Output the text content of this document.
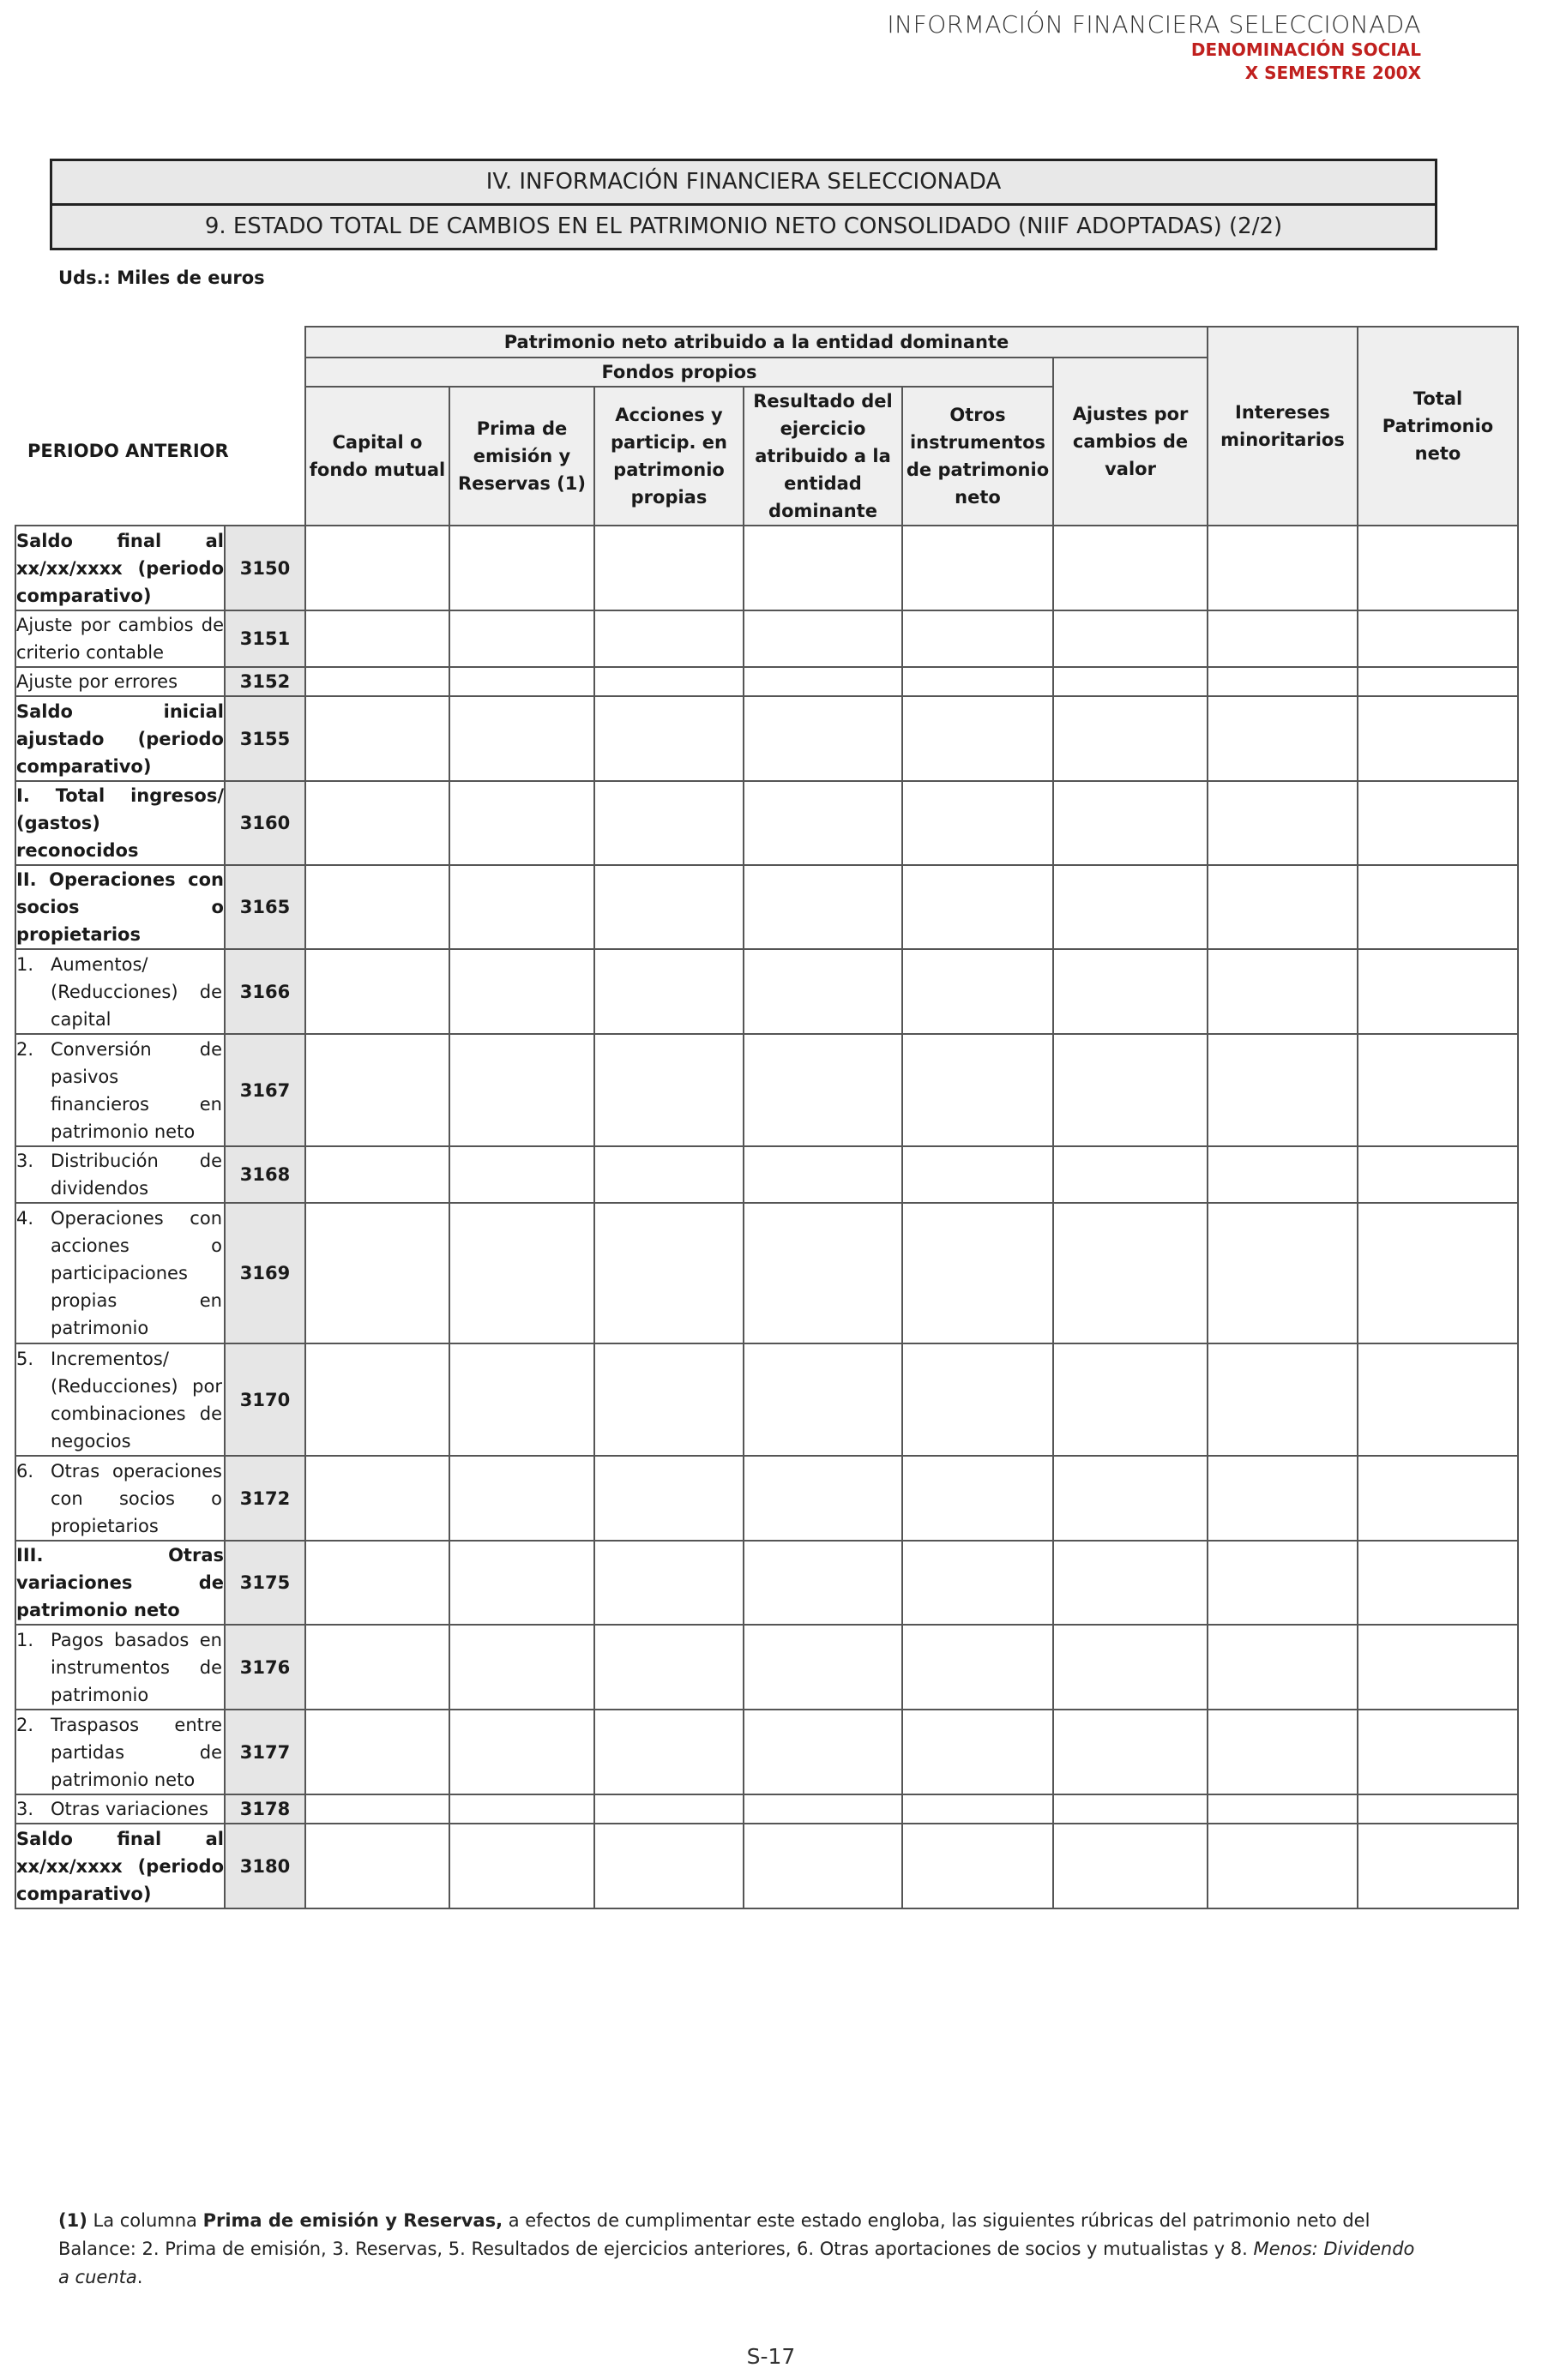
INFORMACIÓN FINANCIERA SELECCIONADA
DENOMINACIÓN SOCIAL
X SEMESTRE 200X
IV. INFORMACIÓN FINANCIERA SELECCIONADA
9. ESTADO TOTAL DE CAMBIOS EN EL PATRIMONIO NETO CONSOLIDADO (NIIF ADOPTADAS) (2/2)
Uds.: Miles de euros
		Patrimonio neto atribuido a la entidad dominante						Intereses minoritarios	Total Patrimonio neto
		Fondos propios					Ajustes por cambios de valor		
		Capital o fondo mutual	Prima de emisión y Reservas (1)	Acciones y particip. en patrimonio propias	Resultado del ejercicio atribuido a la entidad dominante	Otros instrumentos de patrimonio neto			
Saldo final al xx/xx/xxxx (periodo comparativo)	3150								
Ajuste por cambios de criterio contable	3151								
Ajuste por errores	3152								
Saldo inicial ajustado (periodo comparativo)	3155								
I. Total ingresos/ (gastos) reconocidos	3160								
II. Operaciones con socios o propietarios	3165								
1. Aumentos/ (Reducciones) de capital	3166								
2. Conversión de pasivos financieros en patrimonio neto	3167								
3. Distribución de dividendos	3168								
4. Operaciones con acciones o participaciones propias en patrimonio	3169								
5. Incrementos/ (Reducciones) por combinaciones de negocios	3170								
6. Otras operaciones con socios o propietarios	3172								
III. Otras variaciones de patrimonio neto	3175								
1. Pagos basados en instrumentos de patrimonio	3176								
2. Traspasos entre partidas de patrimonio neto	3177								
3. Otras variaciones	3178								
Saldo final al xx/xx/xxxx (periodo comparativo)	3180								
PERIODO ANTERIOR
(1) La columna Prima de emisión y Reservas, a efectos de cumplimentar este estado engloba, las siguientes rúbricas del patrimonio neto del Balance: 2. Prima de emisión, 3. Reservas, 5. Resultados de ejercicios anteriores, 6. Otras aportaciones de socios y mutualistas y 8. Menos: Dividendo a cuenta.
S-17
